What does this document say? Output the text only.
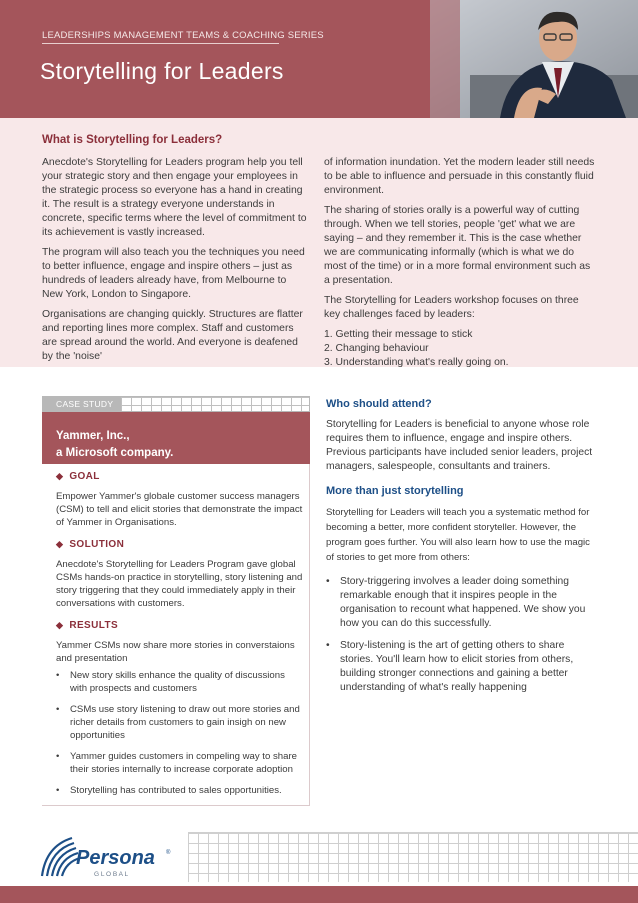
LEADERSHIPS MANAGEMENT TEAMS & COACHING SERIES
Storytelling for Leaders
What is Storytelling for Leaders?

Anecdote's Storytelling for Leaders program help you tell your strategic story and then engage your employees in the strategic process so everyone has a hand in creating it. The result is a strategy everyone understands in concrete, specific terms where the level of commitment to its achievement is vastly increased.

The program will also teach you the techniques you need to better influence, engage and inspire others – just as hundreds of leaders already have, from Melbourne to New York, London to Singapore.

Organisations are changing quickly. Structures are flatter and reporting lines more complex. Staff and customers are spread around the world. And everyone is deafened by the 'noise'

of information inundation. Yet the modern leader still needs to be able to influence and persuade in this constantly fluid environment.

The sharing of stories orally is a powerful way of cutting through. When we tell stories, people 'get' what we are saying – and they remember it. This is the case whether we are communicating informally (which is what we do most of the time) or in a more formal environment such as a presentation.

The Storytelling for Leaders workshop focuses on three key challenges faced by leaders:

1. Getting their message to stick

2. Changing behaviour

3. Understanding what's really going on.

CASE STUDY
Yammer, Inc.,
a Microsoft company.
◆ GOAL

Empower Yammer's globale customer success managers (CSM) to tell and elicit stories that demonstrate the impact of Yammer in Organisations.

◆ SOLUTION

Anecdote's Storytelling for Leaders Program gave global CSMs hands-on practice in storytelling, story listening and story triggering that they could immediately apply in their conversations with customers.

◆ RESULTS

Yammer CSMs now share more stories in converstaions and presentation

• New story skills enhance the quality of discussions with prospects and customers
• CSMs use story listening to draw out more stories and richer details from customers to gain insigh on new opportunities
• Yammer guides customers in compeling way to share their stories internally to increase corporate adoption
• Storytelling has contributed to sales opportunities.
Who should attend?

Storytelling for Leaders is beneficial to anyone whose role requires them to influence, engage and inspire others. Previous participants have included senior leaders, project managers, salespeople, consultants and trainers.

More than just storytelling

Storytelling for Leaders will teach you a systematic method for becoming a better, more confident storyteller. However, the program goes further. You will also learn how to use the magic of stories to get more from others:

• Story-triggering involves a leader doing something remarkable enough that it inspires people in the organisation to recount what happened. We show you how you can do this successfully.
• Story-listening is the art of getting others to share stories. You'll learn how to elicit stories from others, building stronger connections and gaining a better understanding of what's really happening
Persona ®
G L O B A L
